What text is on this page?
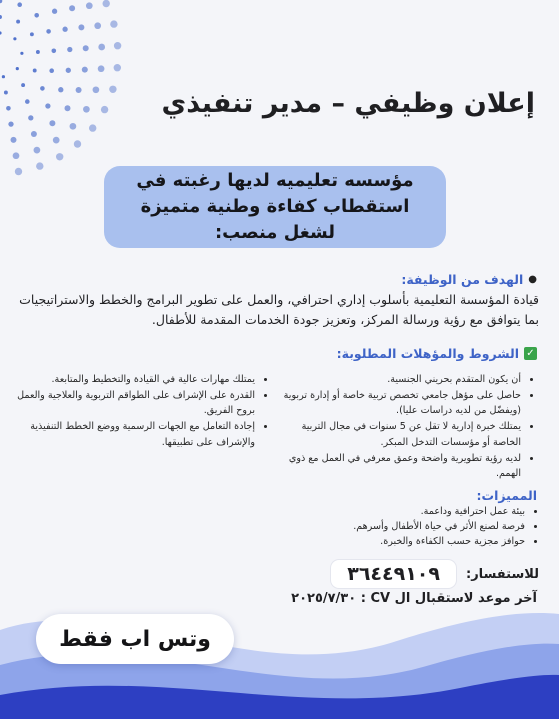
إعلان وظيفي – مدير تنفيذي
مؤسسه تعليميه لديها رغبته في استقطاب كفاءة وطنية متميزة لشغل منصب:
●
الهدف من الوظيفة:

قيادة المؤسسة التعليمية بأسلوب إداري احترافي، والعمل على تطوير البرامج والخطط والاستراتيجيات بما يتوافق مع رؤية ورسالة المركز، وتعزيز جودة الخدمات المقدمة للأطفال.

✓
الشروط والمؤهلات المطلوبة:
• أن يكون المتقدم بحريني الجنسية.
• حاصل على مؤهل جامعي تخصص تربية خاصة أو إدارة تربوية (ويفضّل من لديه دراسات عليا).
• يمتلك خبرة إدارية لا تقل عن 5 سنوات في مجال التربية الخاصة أو مؤسسات التدخل المبكر.
• لديه رؤية تطويرية واضحة وعمق معرفي في العمل مع ذوي الهمم.
• يمتلك مهارات عالية في القيادة والتخطيط والمتابعة.
• القدرة على الإشراف على الطواقم التربوية والعلاجية والعمل بروح الفريق.
• إجادة التعامل مع الجهات الرسمية ووضع الخطط التنفيذية والإشراف على تطبيقها.
المميزات:
• بيئة عمل احترافية وداعمة.
• فرصة لصنع الأثر في حياة الأطفال وأسرهم.
• حوافز مجزية حسب الكفاءة والخبرة.
للاستفسار:
٣٦٤٤٩١٠٩
آخر موعد لاستقبال ال CV : ٢٠٢٥/٧/٣٠
وتس اب فقط
